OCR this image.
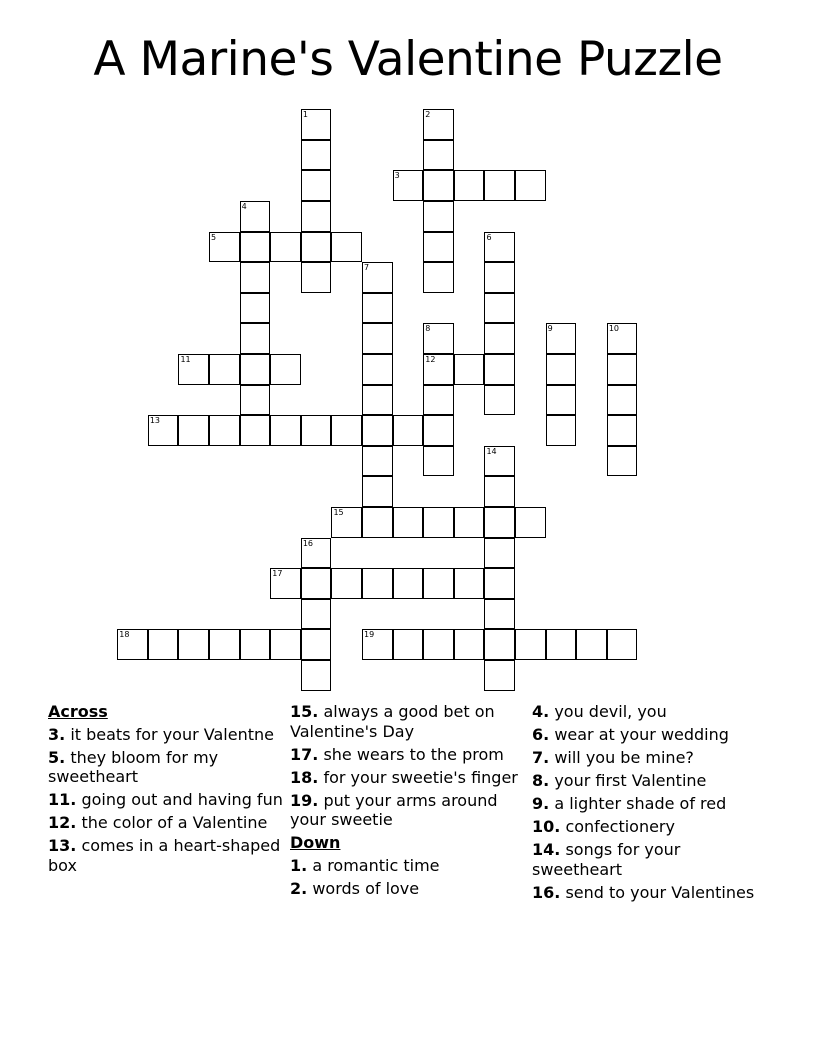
A Marine's Valentine Puzzle
1	2
3
4
5	6
7
8
12
9	10
11
13
14
15
16
17
18	19
Across
3. it beats for your Valentne
5. they bloom for my sweetheart
11. going out and having fun
12. the color of a Valentine
13. comes in a heart-shaped box
15. always a good bet on Valentine's Day
17. she wears to the prom
18. for your sweetie's finger
19. put your arms around your sweetie
Down
1. a romantic time
2. words of love
4. you devil, you
6. wear at your wedding
7. will you be mine?
8. your first Valentine
9. a lighter shade of red
10. confectionery
14. songs for your sweetheart
16. send to your Valentines
